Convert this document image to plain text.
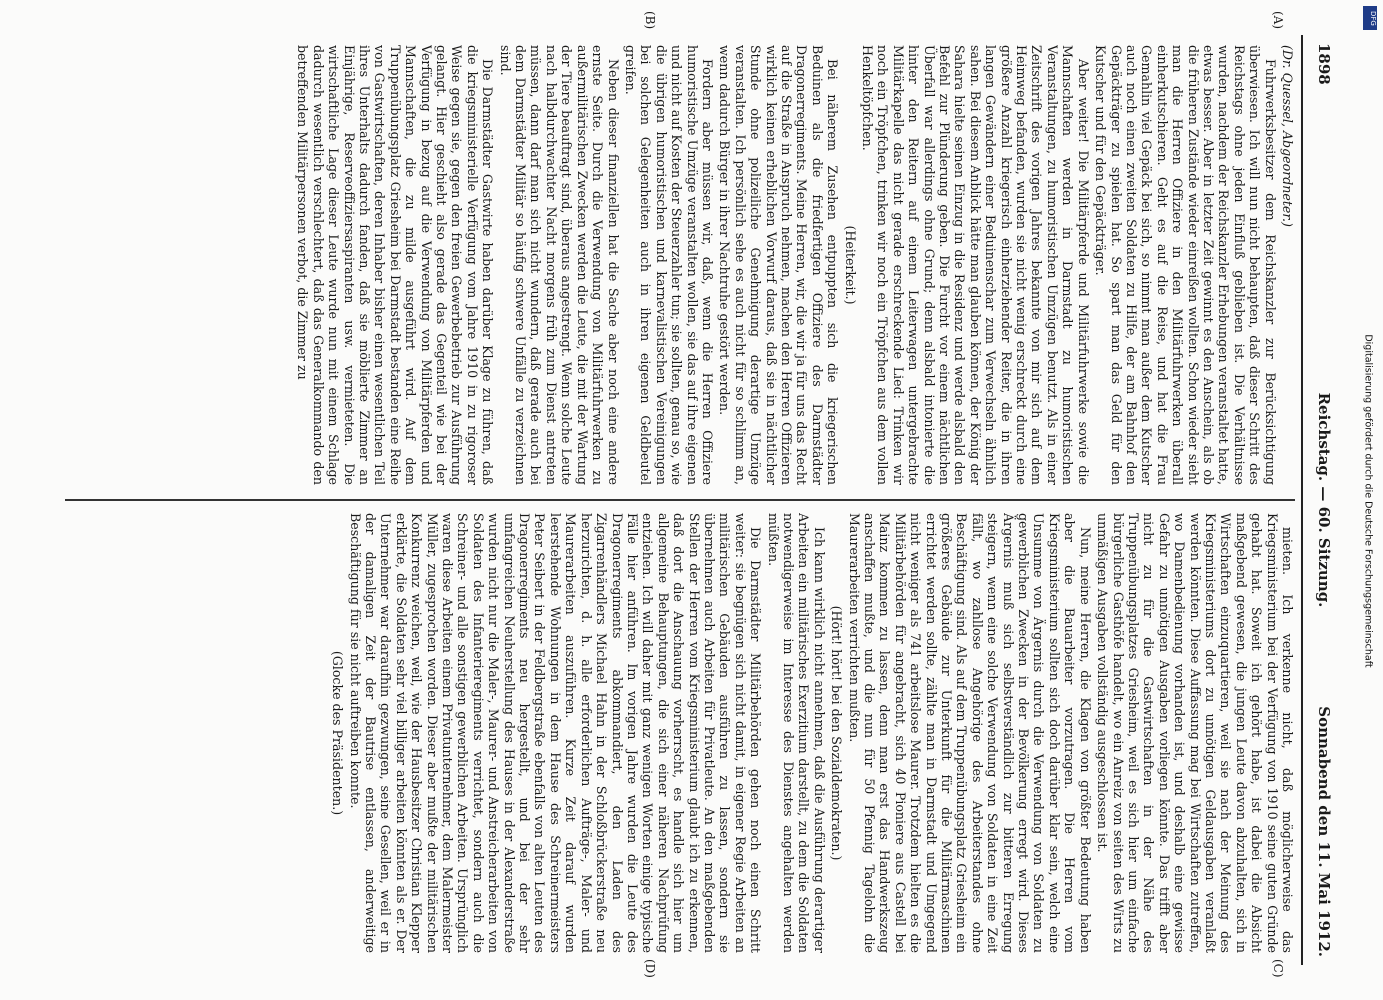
1898
Reichstag. — 60. Sitzung.
Sonnabend den 11. Mai 1912.

(Dr. Quessel, Abgeordneter.)

Fuhrwerksbesitzer dem Reichskanzler zur Berücksichtigung überwiesen. Ich will nun nicht behaupten, daß dieser Schritt des Reichstags ohne jeden Einfluß geblieben ist. Die Verhältnisse wurden, nachdem der Reichskanzler Erhebungen veranstaltet hatte, etwas besser. Aber in letzter Zeit gewinnt es den Anschein, als ob die früheren Zustände wieder einreißen wollten. Schon wieder sieht man die Herren Offiziere in den Militärfuhrwerken überall einherkutschieren. Geht es auf die Reise, und hat die Frau Gemahlin viel Gepäck bei sich, so nimmt man außer dem Kutscher auch noch einen zweiten Soldaten zu Hilfe, der am Bahnhof den Gepäckträger zu spielen hat. So spart man das Geld für den Kutscher und für den Gepäckträger.

Aber weiter! Die Militärpferde und Militärfuhrwerke sowie die Mannschaften werden in Darmstadt zu humoristischen Veranstaltungen, zu humoristischen Umzügen benutzt. Als in einer Zeitschrift des vorigen Jahres bekannte von mir sich auf dem Heimweg befanden, wurden sie nicht wenig erschreckt durch eine größere Anzahl kriegerisch einherziehender Reiter, die in ihren langen Gewändern einer Beduinenschar zum Verwechseln ähnlich sahen. Bei diesem Anblick hätte man glauben können, der König der Sahara hielte seinen Einzug in die Residenz und werde alsbald den Befehl zur Plünderung geben. Die Furcht vor einem nächtlichen Überfall war allerdings ohne Grund; denn alsbald intonierte die hinter den Reitern auf einem Leiterwagen untergebrachte Militärkapelle das nicht gerade erschreckende Lied: Trinken wir noch ein Tröpfchen, trinken wir noch ein Tröpfchen aus dem vollen Henkeltöpfchen.

(Heiterkeit.)

Bei näherem Zusehen entpuppten sich die kriegerischen Beduinen als die friedfertigen Offiziere des Darmstädter Dragonerregiments. Meine Herren, wir, die wir ja für uns das Recht auf die Straße in Anspruch nehmen, machen den Herren Offizieren wirklich keinen erheblichen Vorwurf daraus, daß sie in nächtlicher Stunde ohne polizeiliche Genehmigung derartige Umzüge veranstalten. Ich persönlich sehe es auch nicht für so schlimm an, wenn dadurch Bürger in ihrer Nachtruhe gestört werden.

Fordern aber müssen wir, daß, wenn die Herren Offiziere humoristische Umzüge veranstalten wollen, sie das auf ihre eigenen und nicht auf Kosten der Steuerzahler tun; sie sollten, genau so, wie die übrigen humoristischen und karnevalistischen Vereinigungen bei solchen Gelegenheiten auch in ihren eigenen Geldbeutel greifen.

Neben dieser finanziellen hat die Sache aber noch eine andere ernste Seite. Durch die Verwendung von Militärfuhrwerken zu außermilitärischen Zwecken werden die Leute, die mit der Wartung der Tiere beauftragt sind, überaus angestrengt. Wenn solche Leute nach halbdurchwachter Nacht morgens früh zum Dienst antreten müssen, dann darf man sich nicht wundern, daß gerade auch bei dem Darmstädter Militär so häufig schwere Unfälle zu verzeichnen sind.

Die Darmstädter Gastwirte haben darüber Klage zu führen, daß die kriegsministerielle Verfügung vom Jahre 1910 in zu rigoroser Weise gegen sie, gegen den freien Gewerbebetrieb zur Ausführung gelangt. Hier geschieht also gerade das Gegenteil wie bei der Verfügung in bezug auf die Verwendung von Militärpferden und Mannschaften, die zu milde ausgeführt wird. Auf dem Truppenübungsplatz Griesheim bei Darmstadt bestanden eine Reihe von Gastwirtschaften, deren Inhaber bisher einen wesentlichen Teil ihres Unterhalts dadurch fanden, daß sie möblierte Zimmer an Einjährige, Reserveoffiziersaspiranten usw. vermieteten. Die wirtschaftliche Lage dieser Leute wurde nun mit einem Schlage dadurch wesentlich verschlechtert, daß das Generalkommando den betreffenden Militärpersonen verbot, die Zimmer zu

mieten. Ich verkenne nicht, daß möglicherweise das Kriegsministerium bei der Verfügung von 1910 seine guten Gründe gehabt hat. Soweit ich gehört habe, ist dabei die Absicht maßgebend gewesen, die jungen Leute davon abzuhalten, sich in Wirtschaften einzuquartieren, weil sie nach der Meinung des Kriegsministeriums dort zu unnötigen Geldausgaben veranlaßt werden könnten. Diese Auffassung mag bei Wirtschaften zutreffen, wo Damenbedienung vorhanden ist, und deshalb eine gewisse Gefahr zu unnötigen Ausgaben vorliegen könnte. Das trifft aber nicht zu für die Gastwirtschaften in der Nähe des Truppenübungsplatzes Griesheim, weil es sich hier um einfache bürgerliche Gasthöfe handelt, wo ein Anreiz von seiten des Wirts zu unmäßigen Ausgaben vollständig ausgeschlossen ist.

Nun, meine Herren, die Klagen von größter Bedeutung haben aber die Bauarbeiter vorzutragen. Die Herren vom Kriegsministerium sollten sich doch darüber klar sein, welch eine Unsumme von Ärgernis durch die Verwendung von Soldaten zu gewerblichen Zwecken in der Bevölkerung erregt wird. Dieses Ärgernis muß sich selbstverständlich zur bitteren Erregung steigern, wenn eine solche Verwendung von Soldaten in eine Zeit fällt, wo zahllose Angehörige des Arbeiterstandes ohne Beschäftigung sind. Als auf dem Truppenübungsplatz Griesheim ein größeres Gebäude zur Unterkunft für die Militärmaschinen errichtet werden sollte, zählte man in Darmstadt und Umgegend nicht weniger als 741 arbeitslose Maurer. Trotzdem hielten es die Militärbehörden für angebracht, sich 40 Pioniere aus Castell bei Mainz kommen zu lassen, denn man erst das Handwerkszeug anschaffen mußte, und die nun für 50 Pfennig Tagelohn die Maurerarbeiten verrichten mußten.

(Hört! hört! bei den Sozialdemokraten.)

Ich kann wirklich nicht annehmen, daß die Ausführung derartiger Arbeiten ein militärisches Exerzitium darstellt, zu dem die Soldaten notwendigerweise im Interesse des Dienstes angehalten werden müßten.

Die Darmstädter Militärbehörden gehen noch einen Schritt weiter: sie begnügen sich nicht damit, in eigener Regie Arbeiten an militärischen Gebäuden ausführen zu lassen, sondern sie übernehmen auch Arbeiten für Privatleute. An den maßgebenden Stellen der Herren vom Kriegsministerium glaubt ich zu erkennen, daß dort die Anschauung vorherrscht, es handle sich hier um allgemeine Behauptungen, die sich einer näheren Nachprüfung entziehen. Ich will daher mit ganz wenigen Worten einige typische Fälle hier anführen. Im vorigen Jahre wurden die Leute des Dragonerregiments abkommandiert, den Laden des Zigarrenhändlers Michael Hahn in der Schloßbrückerstraße neu herzurichten, d. h. alle erforderlichen Aufträge-, Maler- und Maurerarbeiten auszuführen. Kurze Zeit darauf wurden leerstehende Wohnungen in dem Hause des Schreinermeisters Peter Seibert in der Feldbergstraße ebenfalls von alten Leuten des Dragonerregiments neu hergestellt, und bei der sehr umfangreichen Neuherstellung des Hauses in der Alexanderstraße wurden nicht nur die Maler-, Maurer- und Anstreicherarbeiten von Soldaten des Infanterieregiments verrichtet, sondern auch die Schreiner- und alle sonstigen gewerblichen Arbeiten. Ursprünglich waren diese Arbeiten einem Privatunternehmer, dem Malermeister Müller, zugesprochen worden. Dieser aber mußte der militärischen Konkurrenz weichen, weil, wie der Hausbesitzer Christian Klepper erklärte, die Soldaten sehr viel billiger arbeiten könnten als er. Der Unternehmer war daraufhin gezwungen, seine Gesellen, weil er in der damaligen Zeit der Bautrise entlassen, anderweitige Beschäftigung für sie nicht auftreiben konnte.

(Glocke des Präsidenten.)

(A)
(B)
(C)
(D)
Digitalisierung gefördert durch die Deutsche Forschungsgemeinschaft
DFG
